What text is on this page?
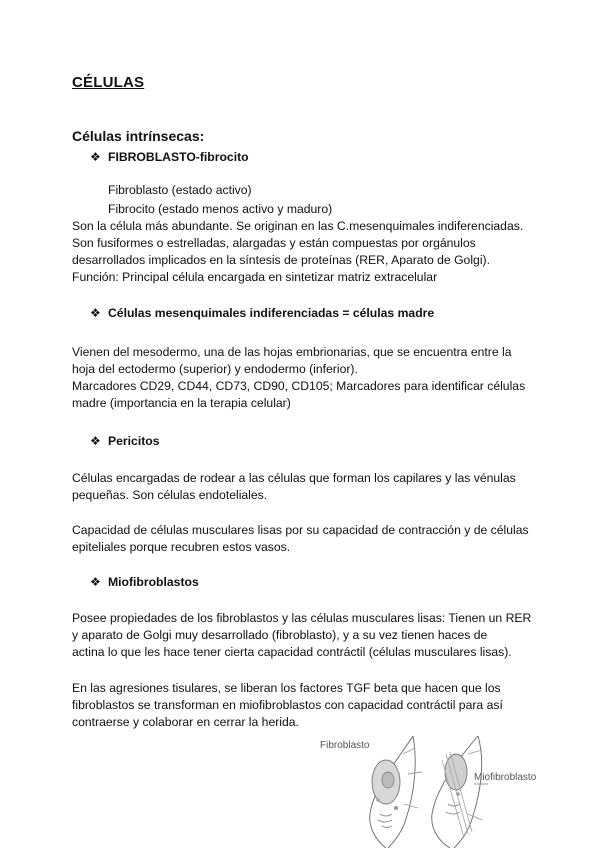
CÉLULAS
Células intrínsecas:
❖ FIBROBLASTO-fibrocito
Fibroblasto (estado activo)
Fibrocito (estado menos activo y maduro)

Son la célula más abundante. Se originan en las C.mesenquimales indiferenciadas.

Son fusiformes o estrelladas, alargadas y están compuestas por orgánulos

desarrollados implicados en la síntesis de proteínas (RER, Aparato de Golgi).

Función: Principal célula encargada en sintetizar matriz extracelular

❖ Células mesenquimales indiferenciadas = células madre

Vienen del mesodermo, una de las hojas embrionarias, que se encuentra entre la

hoja del ectodermo (superior) y endodermo (inferior).

Marcadores CD29, CD44, CD73, CD90, CD105; Marcadores para identificar células

madre (importancia en la terapia celular)

❖ Pericitos

Células encargadas de rodear a las células que forman los capilares y las vénulas

pequeñas. Son células endoteliales.

Capacidad de células musculares lisas por su capacidad de contracción y de células

epiteliales porque recubren estos vasos.

❖ Miofibroblastos

Posee propiedades de los fibroblastos y las células musculares lisas: Tienen un RER

y aparato de Golgi muy desarrollado (fibroblasto), y a su vez tienen haces de

actina lo que les hace tener cierta capacidad contráctil (células musculares lisas).

En las agresiones tisulares, se liberan los factores TGF beta que hacen que los

fibroblastos se transforman en miofibroblastos con capacidad contráctil para así

contraerse y colaborar en cerrar la herida.

Fibroblasto
Miofibroblasto
